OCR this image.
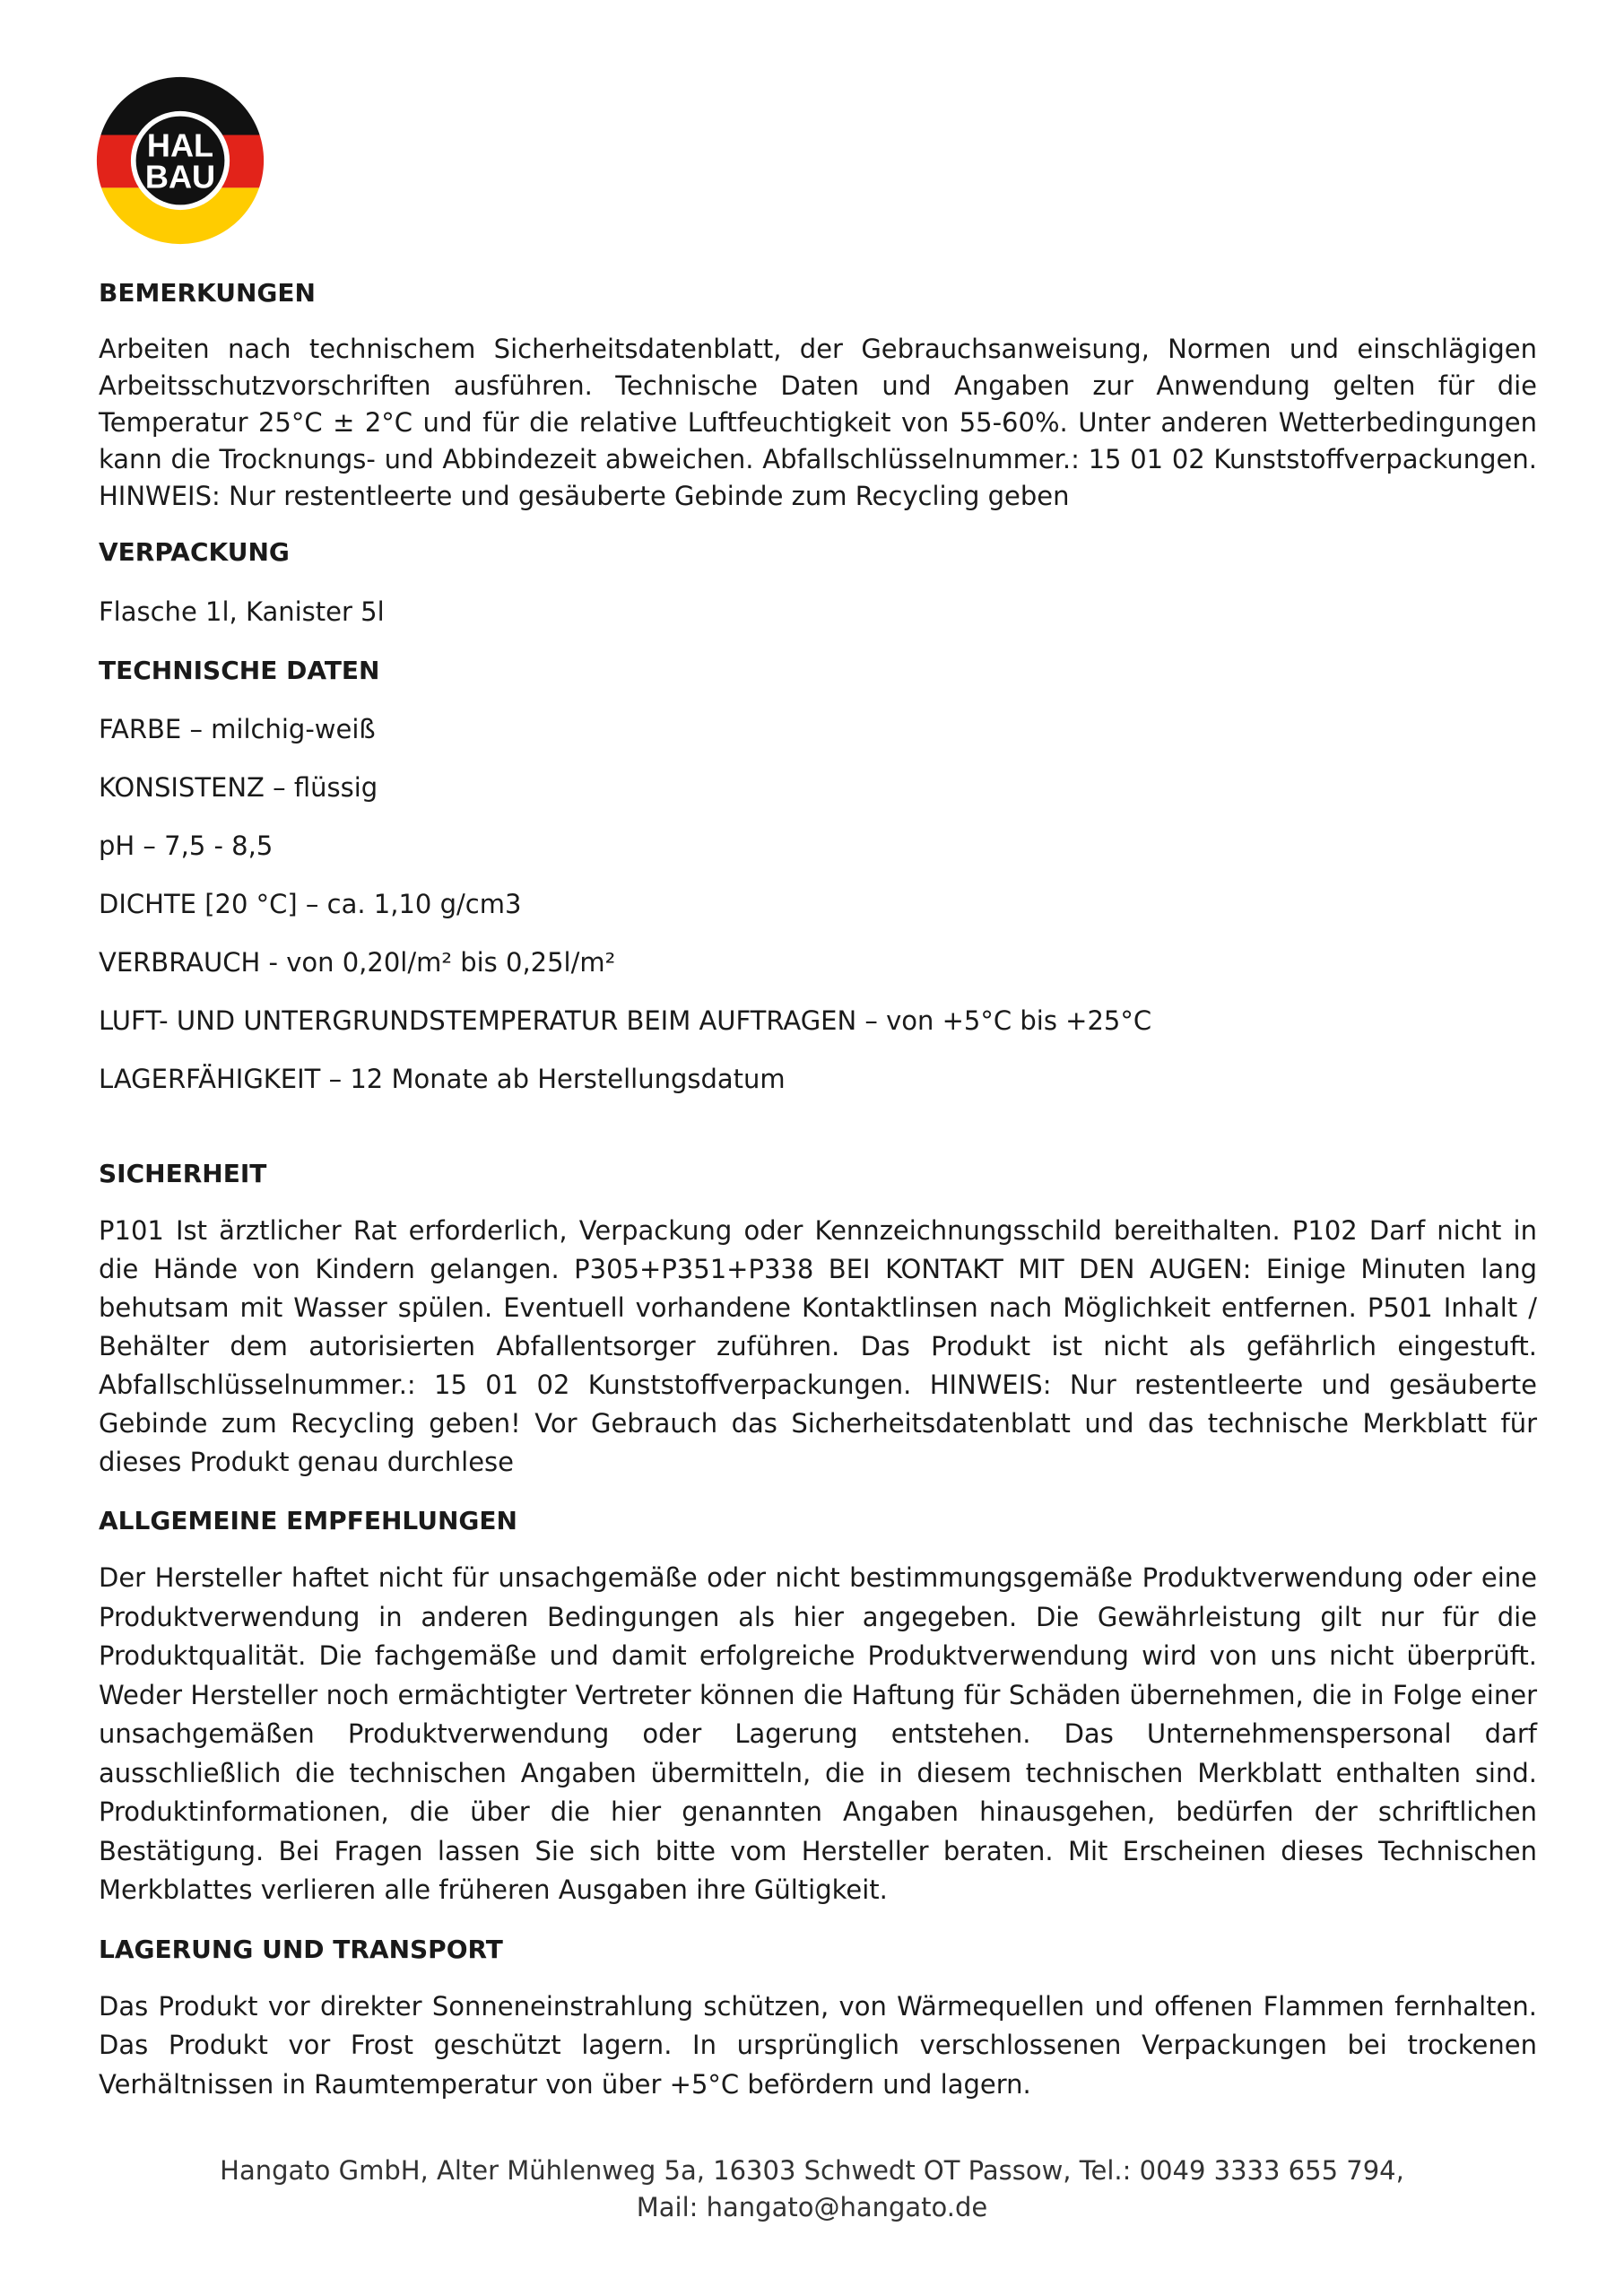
HAL
BAU

BEMERKUNGEN

Arbeiten nach technischem Sicherheitsdatenblatt, der Gebrauchsanweisung, Normen und einschlägigen Arbeitsschutzvorschriften ausführen. Technische Daten und Angaben zur Anwendung gelten für die Temperatur 25°C ± 2°C und für die relative Luftfeuchtigkeit von 55-60%. Unter anderen Wetterbedingungen kann die Trocknungs- und Abbindezeit abweichen. Abfallschlüsselnummer.: 15 01 02 Kunststoffverpackungen. HINWEIS: Nur restentleerte und gesäuberte Gebinde zum Recycling geben

VERPACKUNG

Flasche 1l, Kanister 5l

TECHNISCHE DATEN

FARBE – milchig-weiß

KONSISTENZ – flüssig

pH – 7,5 - 8,5

DICHTE [20 °C] – ca. 1,10 g/cm3

VERBRAUCH - von 0,20l/m² bis 0,25l/m²

LUFT- UND UNTERGRUNDSTEMPERATUR BEIM AUFTRAGEN – von +5°C bis +25°C

LAGERFÄHIGKEIT – 12 Monate ab Herstellungsdatum

SICHERHEIT

P101 Ist ärztlicher Rat erforderlich, Verpackung oder Kennzeichnungsschild bereithalten. P102 Darf nicht in die Hände von Kindern gelangen. P305+P351+P338 BEI KONTAKT MIT DEN AUGEN: Einige Minuten lang behutsam mit Wasser spülen. Eventuell vorhandene Kontaktlinsen nach Möglichkeit entfernen. P501 Inhalt / Behälter dem autorisierten Abfallentsorger zuführen. Das Produkt ist nicht als gefährlich eingestuft. Abfallschlüsselnummer.: 15 01 02 Kunststoffverpackungen. HINWEIS: Nur restentleerte und gesäuberte Gebinde zum Recycling geben! Vor Gebrauch das Sicherheitsdatenblatt und das technische Merkblatt für dieses Produkt genau durchlese

ALLGEMEINE EMPFEHLUNGEN

Der Hersteller haftet nicht für unsachgemäße oder nicht bestimmungsgemäße Produktverwendung oder eine Produktverwendung in anderen Bedingungen als hier angegeben. Die Gewährleistung gilt nur für die Produktqualität. Die fachgemäße und damit erfolgreiche Produktverwendung wird von uns nicht überprüft. Weder Hersteller noch ermächtigter Vertreter können die Haftung für Schäden übernehmen, die in Folge einer unsachgemäßen Produktverwendung oder Lagerung entstehen. Das Unternehmenspersonal darf ausschließlich die technischen Angaben übermitteln, die in diesem technischen Merkblatt enthalten sind. Produktinformationen, die über die hier genannten Angaben hinausgehen, bedürfen der schriftlichen Bestätigung. Bei Fragen lassen Sie sich bitte vom Hersteller beraten. Mit Erscheinen dieses Technischen Merkblattes verlieren alle früheren Ausgaben ihre Gültigkeit.

LAGERUNG UND TRANSPORT

Das Produkt vor direkter Sonneneinstrahlung schützen, von Wärmequellen und offenen Flammen fernhalten. Das Produkt vor Frost geschützt lagern. In ursprünglich verschlossenen Verpackungen bei trockenen Verhältnissen in Raumtemperatur von über +5°C befördern und lagern.

Hangato GmbH, Alter Mühlenweg 5a, 16303 Schwedt OT Passow, Tel.: 0049 3333 655 794,
Mail: hangato@hangato.de
